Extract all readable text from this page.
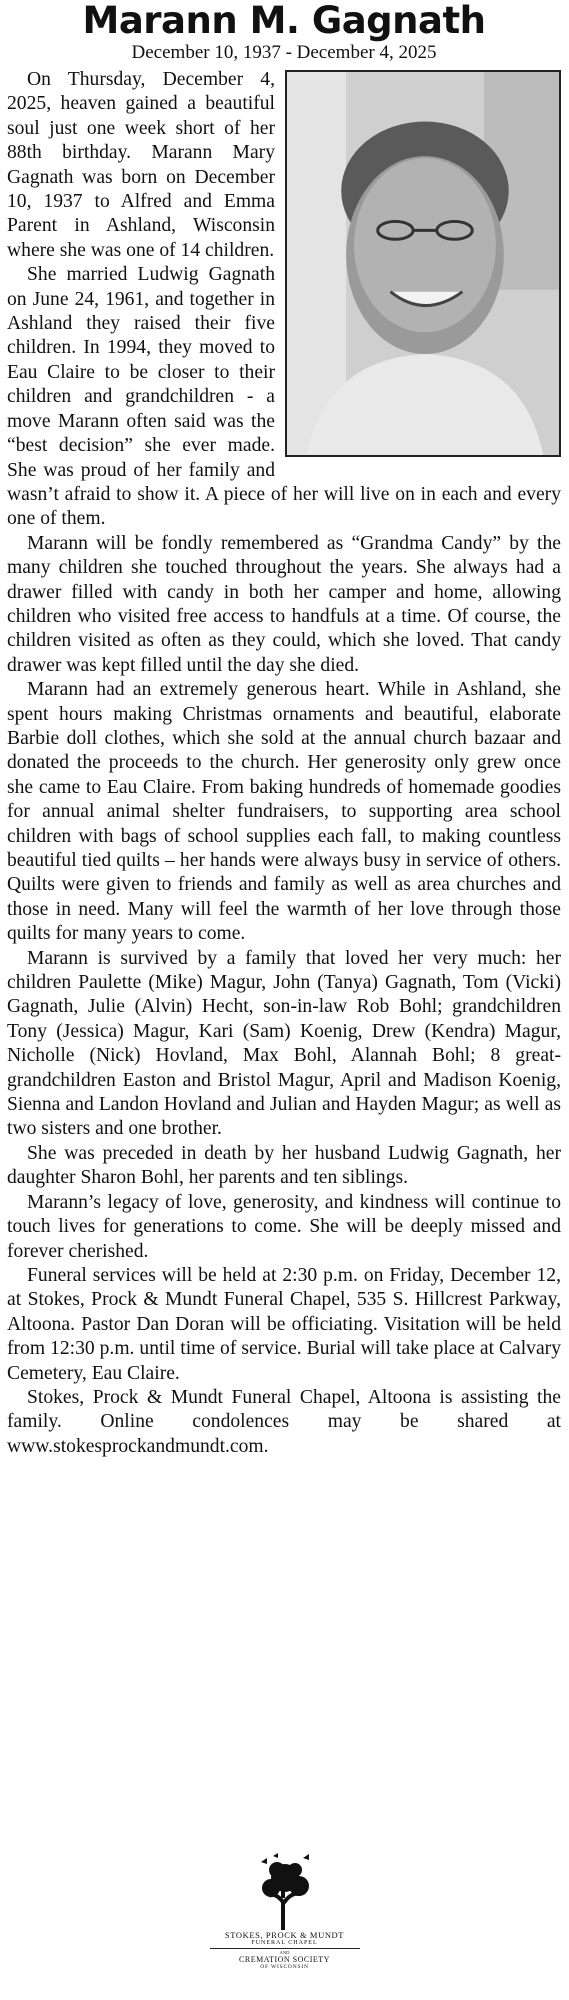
Marann M. Gagnath
December 10, 1937 - December 4, 2025

On Thursday, December 4, 2025, heaven gained a beautiful soul just one week short of her 88th birthday. Marann Mary Gagnath was born on December 10, 1937 to Alfred and Emma Parent in Ashland, Wisconsin where she was one of 14 children.

She married Ludwig Gagnath on June 24, 1961, and together in Ashland they raised their five children. In 1994, they moved to Eau Claire to be closer to their children and grandchildren - a move Marann often said was the “best decision” she ever made. She was proud of her family and wasn’t afraid to show it. A piece of her will live on in each and every one of them.

Marann will be fondly remembered as “Grandma Candy” by the many children she touched throughout the years. She always had a drawer filled with candy in both her camper and home, allowing children who visited free access to handfuls at a time. Of course, the children visited as often as they could, which she loved. That candy drawer was kept filled until the day she died.

Marann had an extremely generous heart. While in Ashland, she spent hours making Christmas ornaments and beautiful, elaborate Barbie doll clothes, which she sold at the annual church bazaar and donated the proceeds to the church. Her generosity only grew once she came to Eau Claire. From baking hundreds of homemade goodies for annual animal shelter fundraisers, to supporting area school children with bags of school supplies each fall, to making countless beautiful tied quilts – her hands were always busy in service of others. Quilts were given to friends and family as well as area churches and those in need. Many will feel the warmth of her love through those quilts for many years to come.

Marann is survived by a family that loved her very much: her children Paulette (Mike) Magur, John (Tanya) Gagnath, Tom (Vicki) Gagnath, Julie (Alvin) Hecht, son-in-law Rob Bohl; grandchildren Tony (Jessica) Magur, Kari (Sam) Koenig, Drew (Kendra) Magur, Nicholle (Nick) Hovland, Max Bohl, Alannah Bohl; 8 great-grandchildren Easton and Bristol Magur, April and Madison Koenig, Sienna and Landon Hovland and Julian and Hayden Magur; as well as two sisters and one brother.

She was preceded in death by her husband Ludwig Gagnath, her daughter Sharon Bohl, her parents and ten siblings.

Marann’s legacy of love, generosity, and kindness will continue to touch lives for generations to come. She will be deeply missed and forever cherished.

Funeral services will be held at 2:30 p.m. on Friday, December 12, at Stokes, Prock & Mundt Funeral Chapel, 535 S. Hillcrest Parkway, Altoona. Pastor Dan Doran will be officiating. Visitation will be held from 12:30 p.m. until time of service. Burial will take place at Calvary Cemetery, Eau Claire.

Stokes, Prock & Mundt Funeral Chapel, Altoona is assisting the family. Online condolences may be shared at www.stokesprockandmundt.com.

STOKES, PROCK & MUNDT
FUNERAL CHAPEL
AND
CREMATION SOCIETY
OF WISCONSIN
